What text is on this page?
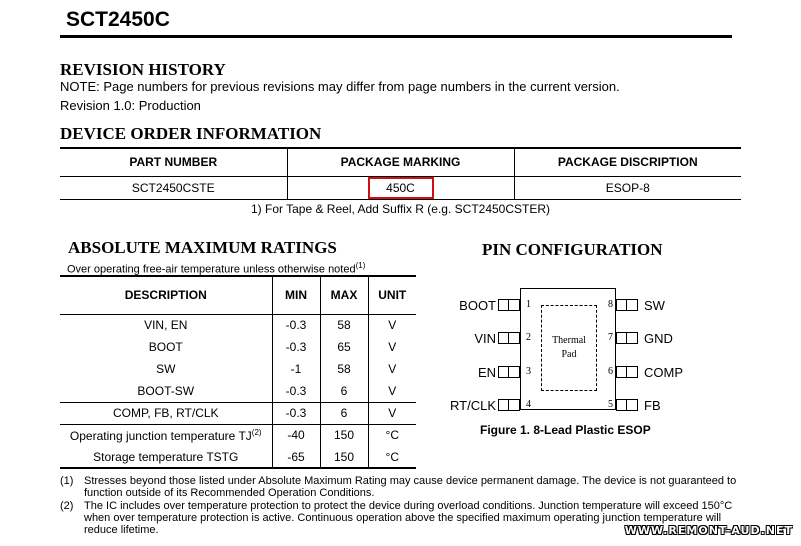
SCT2450C
REVISION HISTORY
NOTE: Page numbers for previous revisions may differ from page numbers in the current version.
Revision 1.0: Production
DEVICE ORDER INFORMATION
PART NUMBER	PACKAGE MARKING	PACKAGE DISCRIPTION
SCT2450CSTE	450C	ESOP-8
1) For Tape & Reel, Add Suffix R (e.g. SCT2450CSTER)		
ABSOLUTE MAXIMUM RATINGS
Over operating free-air temperature unless otherwise noted$^{(1)}$
DESCRIPTION	MIN	MAX	UNIT
VIN, EN	-0.3	58	V
BOOT	-0.3	65	V
SW	-1	58	V
BOOT-SW	-0.3	6	V
COMP, FB, RT/CLK	-0.3	6	V
Operating junction temperature TJ$^{(2)}$	-40	150	°C
Storage temperature TSTG	-65	150	°C
PIN CONFIGURATION
Thermal
Pad
BOOT	1
VIN	2
EN	3
RT/CLK	4
8 SW
7 GND
6 COMP
5 FB
Figure 1. 8-Lead Plastic ESOP
(1) Stresses beyond those listed under Absolute Maximum Rating may cause device permanent damage. The device is not guaranteed to
function outside of its Recommended Operation Conditions.
(2) The IC includes over temperature protection to protect the device during overload conditions. Junction temperature will exceed 150°C
when over temperature protection is active. Continuous operation above the specified maximum operating junction temperature will
reduce lifetime.	WWW.REMONT-AUD.NET
